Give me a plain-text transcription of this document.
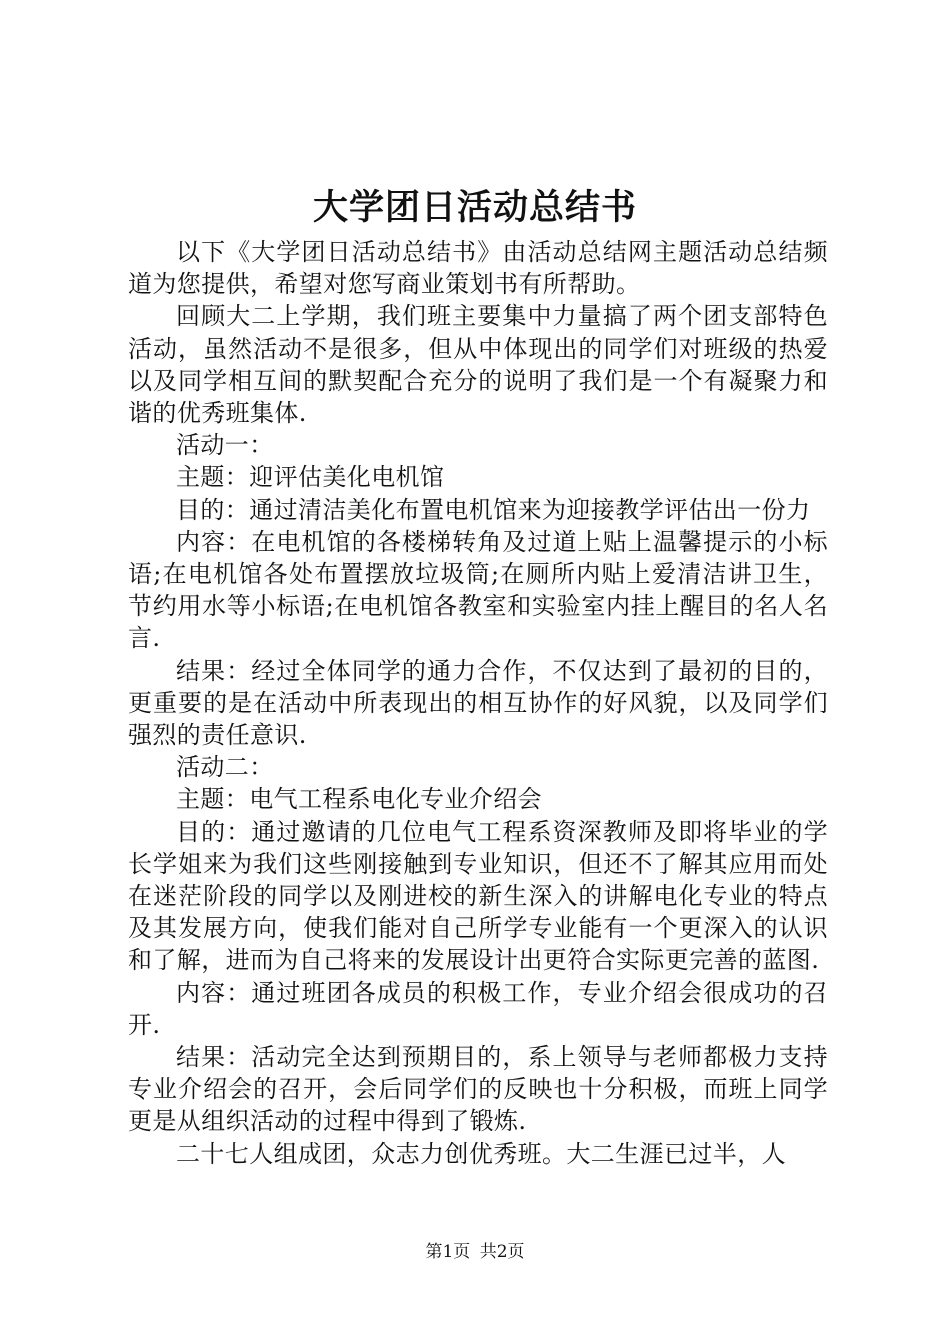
大学团日活动总结书

以下《大学团日活动总结书》由活动总结网主题活动总结频道为您提供，希望对您写商业策划书有所帮助。

回顾大二上学期，我们班主要集中力量搞了两个团支部特色活动，虽然活动不是很多，但从中体现出的同学们对班级的热爱以及同学相互间的默契配合充分的说明了我们是一个有凝聚力和谐的优秀班集体.

活动一：

主题：迎评估美化电机馆

目的：通过清洁美化布置电机馆来为迎接教学评估出一份力

内容：在电机馆的各楼梯转角及过道上贴上温馨提示的小标语;在电机馆各处布置摆放垃圾筒;在厕所内贴上爱清洁讲卫生，节约用水等小标语;在电机馆各教室和实验室内挂上醒目的名人名言.

结果：经过全体同学的通力合作，不仅达到了最初的目的，更重要的是在活动中所表现出的相互协作的好风貌，以及同学们强烈的责任意识.

活动二：

主题：电气工程系电化专业介绍会

目的：通过邀请的几位电气工程系资深教师及即将毕业的学长学姐来为我们这些刚接触到专业知识，但还不了解其应用而处在迷茫阶段的同学以及刚进校的新生深入的讲解电化专业的特点及其发展方向，使我们能对自己所学专业能有一个更深入的认识和了解，进而为自己将来的发展设计出更符合实际更完善的蓝图.

内容：通过班团各成员的积极工作，专业介绍会很成功的召开.

结果：活动完全达到预期目的，系上领导与老师都极力支持专业介绍会的召开，会后同学们的反映也十分积极，而班上同学更是从组织活动的过程中得到了锻炼.

二十七人组成团，众志力创优秀班。大二生涯已过半，人

第1页 共2页
